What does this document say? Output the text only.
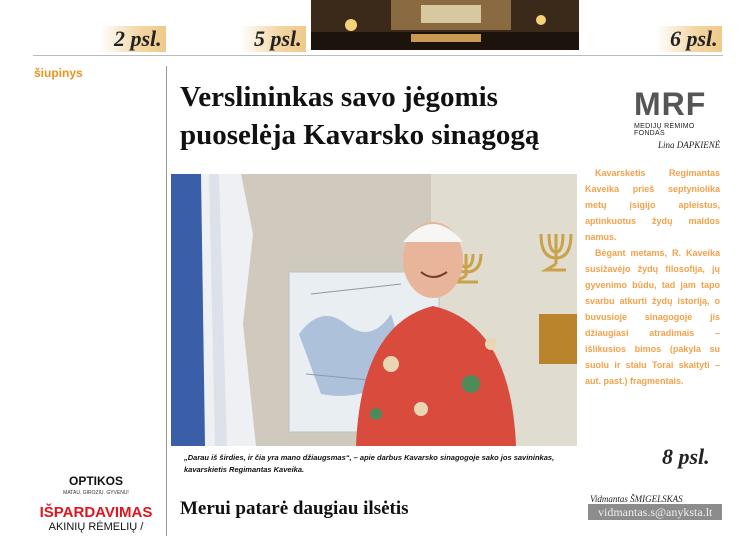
2 psl.	5 psl.	6 psl.
šiupinys
Verslininkas savo jėgomis
puoselėja Kavarsko sinagogą
MRF
MEDIJŲ RĖMIMO FONDAS
Lina DAPKIENĖ

Kavarsketis Regimantas Kaveika prieš septyniolika metų įsigijo apleistus, aptinkuotus žydų maldos namus.

Bėgant metams, R. Kaveika susižavėjo žydų filosofija, jų gyvenimo būdu, tad jam tapo svarbu atkurti žydų istoriją, o buvusioje sinagogoje jis džiaugiasi atradimais – išlikusios bimos (pakyla su suolu ir stalu Torai skaityti – aut. past.) fragmentais.

„Darau iš širdies, ir čia yra mano džiaugsmas“, – apie darbus Kavarsko sinagogoje sako jos savininkas, kavarskietis Regimantas Kaveika.
8 psl.
Merui patarė daugiau ilsėtis	Vidmantas ŠMIGELSKAS
vidmantas.s@anyksta.lt
OPTIKOS
MATAU. GIROZIU. GYVENU!
IŠPARDAVIMAS
AKINIŲ RĖMELIŲ /
